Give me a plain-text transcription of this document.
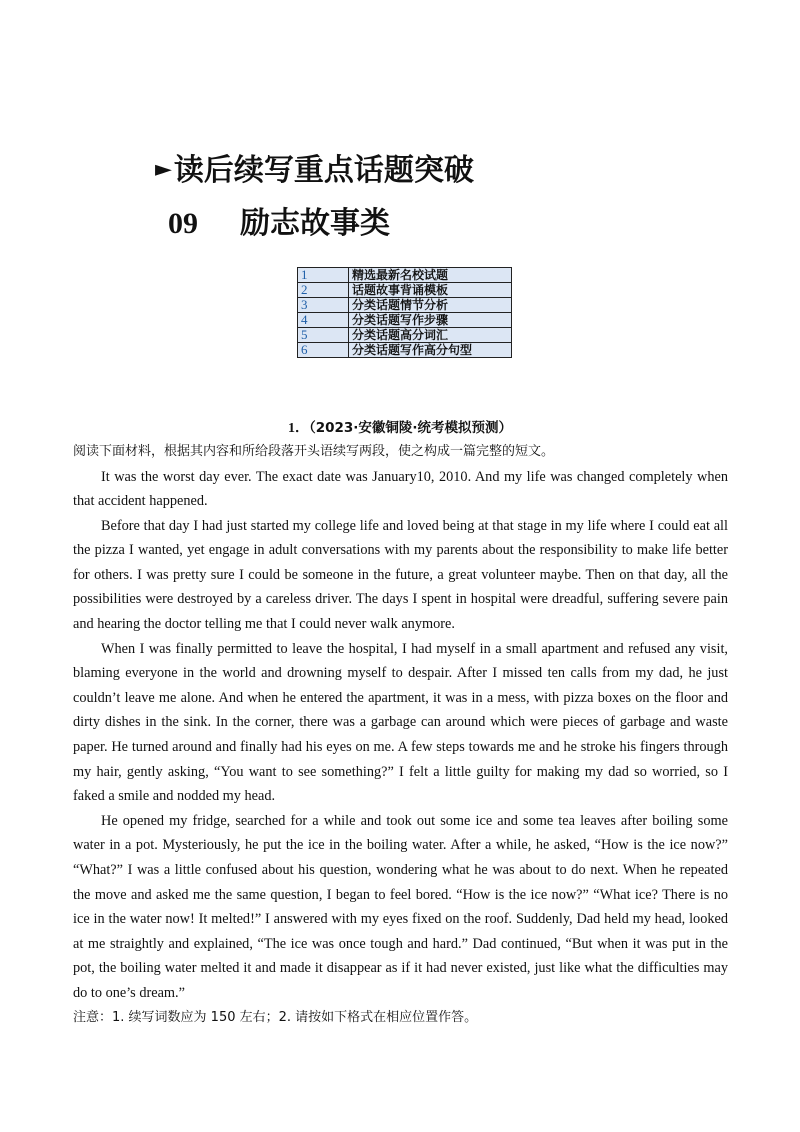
►读后续写重点话题突破
09 励志故事类
1	精选最新名校试题
2	话题故事背诵模板
3	分类话题情节分析
4	分类话题写作步骤
5	分类话题高分词汇
6	分类话题写作高分句型
1．（2023·安徽铜陵·统考模拟预测）

阅读下面材料，根据其内容和所给段落开头语续写两段，使之构成一篇完整的短文。

It was the worst day ever. The exact date was January10, 2010. And my life was changed completely when that accident happened.

Before that day I had just started my college life and loved being at that stage in my life where I could eat all the pizza I wanted, yet engage in adult conversations with my parents about the responsibility to make life better for others. I was pretty sure I could be someone in the future, a great volunteer maybe. Then on that day, all the possibilities were destroyed by a careless driver. The days I spent in hospital were dreadful, suffering severe pain and hearing the doctor telling me that I could never walk anymore.

When I was finally permitted to leave the hospital, I had myself in a small apartment and refused any visit, blaming everyone in the world and drowning myself to despair. After I missed ten calls from my dad, he just couldn’t leave me alone. And when he entered the apartment, it was in a mess, with pizza boxes on the floor and dirty dishes in the sink. In the corner, there was a garbage can around which were pieces of garbage and waste paper. He turned around and finally had his eyes on me. A few steps towards me and he stroke his fingers through my hair, gently asking, “You want to see something?” I felt a little guilty for making my dad so worried, so I faked a smile and nodded my head.

He opened my fridge, searched for a while and took out some ice and some tea leaves after boiling some water in a pot. Mysteriously, he put the ice in the boiling water. After a while, he asked, “How is the ice now?” “What?” I was a little confused about his question, wondering what he was about to do next. When he repeated the move and asked me the same question, I began to feel bored. “How is the ice now?” “What ice? There is no ice in the water now! It melted!” I answered with my eyes fixed on the roof. Suddenly, Dad held my head, looked at me straightly and explained, “The ice was once tough and hard.” Dad continued, “But when it was put in the pot, the boiling water melted it and made it disappear as if it had never existed, just like what the difficulties may do to one’s dream.”

注意：1. 续写词数应为 150 左右；2. 请按如下格式在相应位置作答。
